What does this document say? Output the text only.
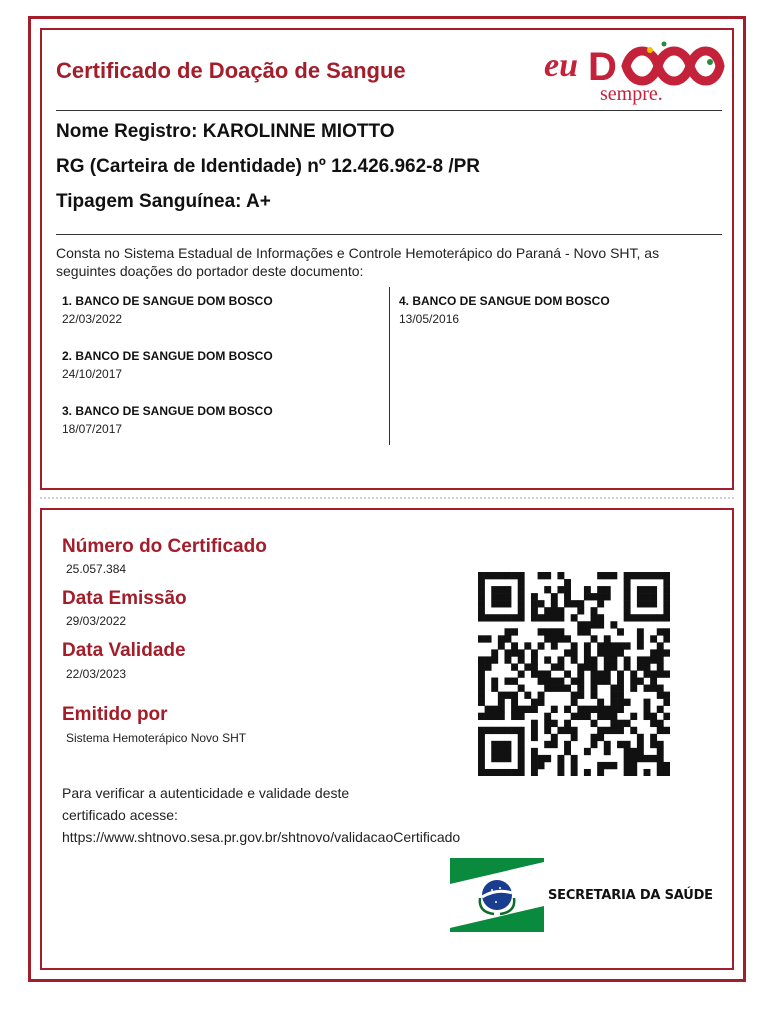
Certificado de Doação de Sangue	eu D
sempre.
Nome Registro: KAROLINNE MIOTTO
RG (Carteira de Identidade) nº 12.426.962-8 /PR
Tipagem Sanguínea: A+
Consta no Sistema Estadual de Informações e Controle Hemoterápico do Paraná - Novo SHT, as seguintes doações do portador deste documento:
1. BANCO DE SANGUE DOM BOSCO
22/03/2022
2. BANCO DE SANGUE DOM BOSCO
24/10/2017
3. BANCO DE SANGUE DOM BOSCO
18/07/2017
4. BANCO DE SANGUE DOM BOSCO
13/05/2016
Número do Certificado
25.057.384
Data Emissão
29/03/2022
Data Validade
22/03/2023
Emitido por
Sistema Hemoterápico Novo SHT
Para verificar a autenticidade e validade deste certificado acesse: https://www.shtnovo.sesa.pr.gov.br/shtnovo/validacaoCertificado
SECRETARIA DA SAÚDE
